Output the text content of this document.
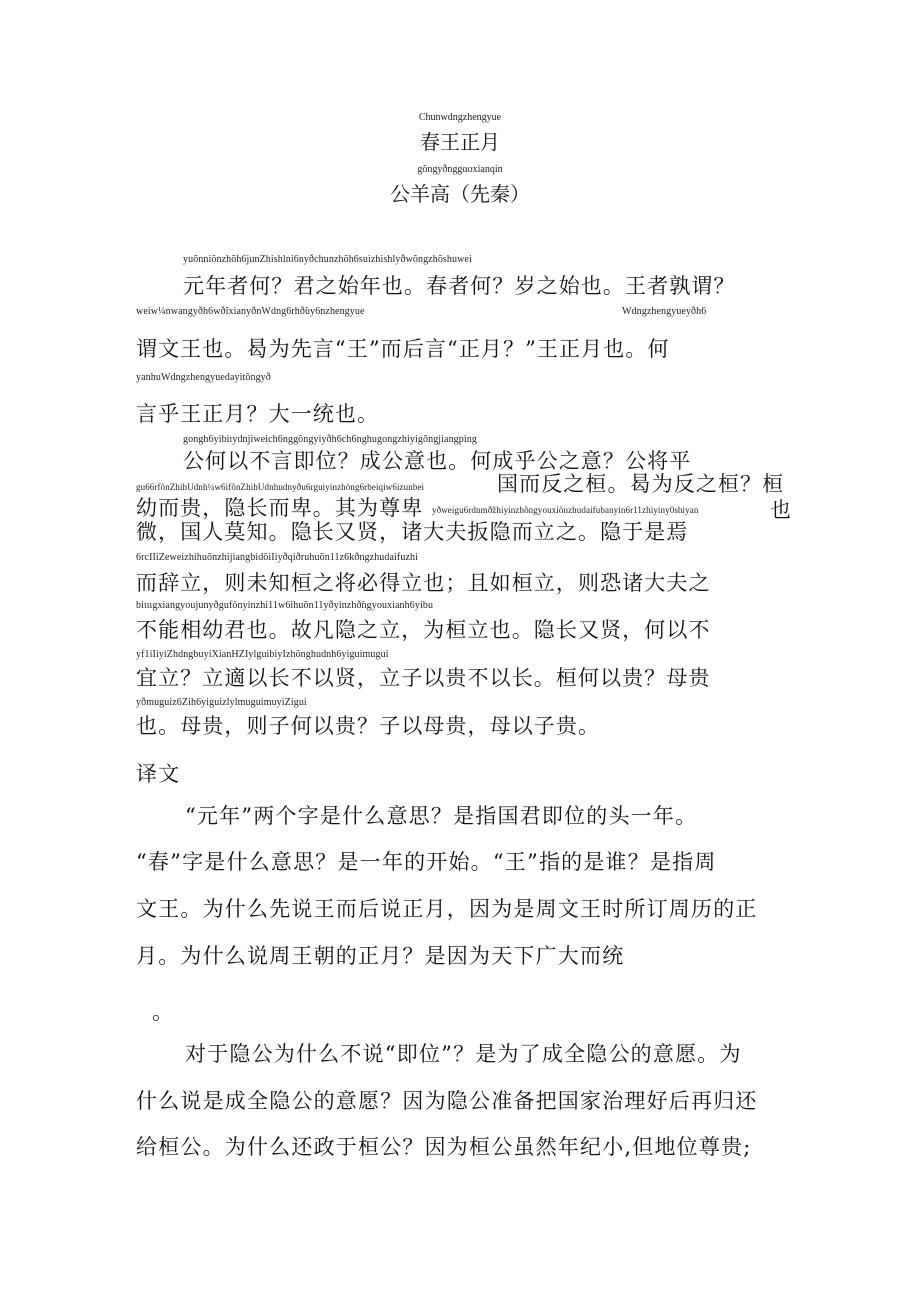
Chunwdngzhengyue
春王正月
gõngyðnggαoxianqin
公羊高（先秦）
yuõnniõnzhõh6junZhishlni6nyðchunzhõh6suizhishlyðwõngzhõshuwei
元年者何？君之始年也。春者何？岁之始也。王者孰谓？
weiw¼nwangyðh6wð̃ixianyðnWdng6rhð̃uy6nzhengyue	Wdngzhengyueyðh6
谓文王也。曷为先言“王”而后言“正月？”王正月也。何
yanhuWdngzhengyuedayitõngyð
言乎王正月？大一统也。
gongh6yibiιydnjiweich6nggõngyiyðh6ch6nghugongzhiyigõngjiangping
公何以不言即位？成公意也。何成乎公之意？公将平
gu66rfõnZhihUdnh¼w6ifõnZhihUdnhudnyðu6rguiyinzhõng6rbeiqiw6izunbei	国而反之桓。曷为反之桓？桓
幼而贵，隐长而卑。其为尊卑 yðweigu6rdnmð̃zhiyinzhõngyouxiõnzhudaifubanyin6r11zhiyiny0shiyan	也
微，国人莫知。隐长又贤，诸大夫扳隐而立之。隐于是焉
6rcIIiZeweizhihuõnzhijiangbidõiIiyðqiðruhuõn11z6kðngzhudaifuzhi
而辞立，则未知桓之将必得立也；且如桓立，则恐诸大夫之
biιιιgxiangyoujunyðgufõnyinzhi11w6ihuõn11yðyinzhð̃ngyouxianh6yibu
不能相幼君也。故凡隐之立，为桓立也。隐长又贤，何以不
yf1iIiyiZhdngbuyiXianHZIylguibiyIzhõnghudnh6yiguimugui
宜立？立適以长不以贤，立子以贵不以长。桓何以贵？母贵
yðmuguiz6Zih6yiguizlylmuguimuyiZigui
也。母贵，则子何以贵？子以母贵，母以子贵。
译文
“元年”两个字是什么意思？是指国君即位的头一年。
“春”字是什么意思？是一年的开始。“王”指的是谁？是指周
文王。为什么先说王而后说正月，因为是周文王时所订周历的正
月。为什么说周王朝的正月？是因为天下广大而统
。
对于隐公为什么不说“即位”？是为了成全隐公的意愿。为
什么说是成全隐公的意愿？因为隐公准备把国家治理好后再归还
给桓公。为什么还政于桓公？因为桓公虽然年纪小,但地位尊贵;
